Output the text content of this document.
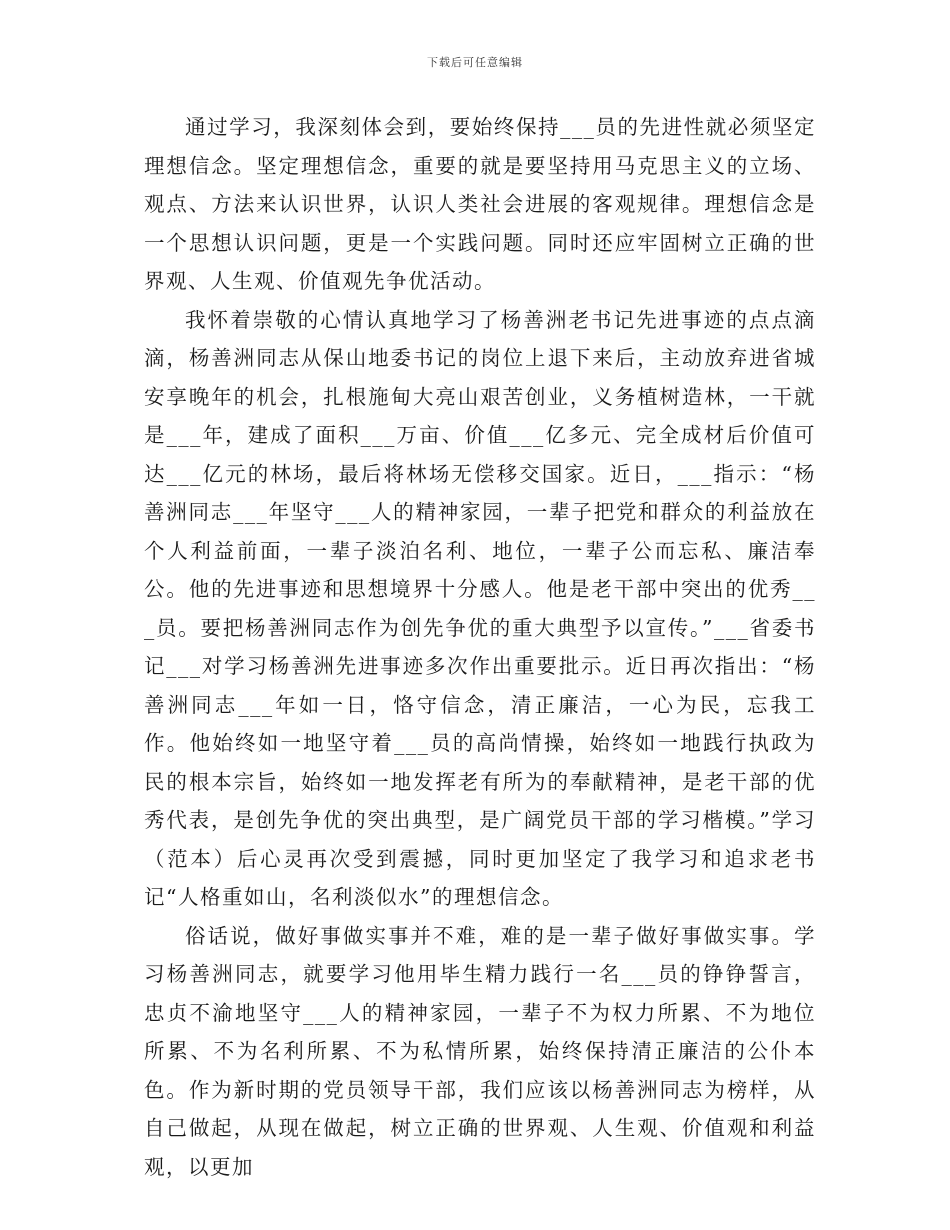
下载后可任意编辑

通过学习，我深刻体会到，要始终保持___员的先进性就必须坚定理想信念。坚定理想信念，重要的就是要坚持用马克思主义的立场、观点、方法来认识世界，认识人类社会进展的客观规律。理想信念是一个思想认识问题，更是一个实践问题。同时还应牢固树立正确的世界观、人生观、价值观先争优活动。

我怀着崇敬的心情认真地学习了杨善洲老书记先进事迹的点点滴滴，杨善洲同志从保山地委书记的岗位上退下来后，主动放弃进省城安享晚年的机会，扎根施甸大亮山艰苦创业，义务植树造林，一干就是___年，建成了面积___万亩、价值___亿多元、完全成材后价值可达___亿元的林场，最后将林场无偿移交国家。近日，___指示：“杨善洲同志___年坚守___人的精神家园，一辈子把党和群众的利益放在个人利益前面，一辈子淡泊名利、地位，一辈子公而忘私、廉洁奉公。他的先进事迹和思想境界十分感人。他是老干部中突出的优秀___员。要把杨善洲同志作为创先争优的重大典型予以宣传。”___省委书记___对学习杨善洲先进事迹多次作出重要批示。近日再次指出：“杨善洲同志___年如一日，恪守信念，清正廉洁，一心为民，忘我工作。他始终如一地坚守着___员的高尚情操，始终如一地践行执政为民的根本宗旨，始终如一地发挥老有所为的奉献精神，是老干部的优秀代表，是创先争优的突出典型，是广阔党员干部的学习楷模。”学习（范本）后心灵再次受到震撼，同时更加坚定了我学习和追求老书记“人格重如山，名利淡似水”的理想信念。

俗话说，做好事做实事并不难，难的是一辈子做好事做实事。学习杨善洲同志，就要学习他用毕生精力践行一名___员的铮铮誓言，忠贞不渝地坚守___人的精神家园，一辈子不为权力所累、不为地位所累、不为名利所累、不为私情所累，始终保持清正廉洁的公仆本色。作为新时期的党员领导干部，我们应该以杨善洲同志为榜样，从自己做起，从现在做起，树立正确的世界观、人生观、价值观和利益观，以更加
